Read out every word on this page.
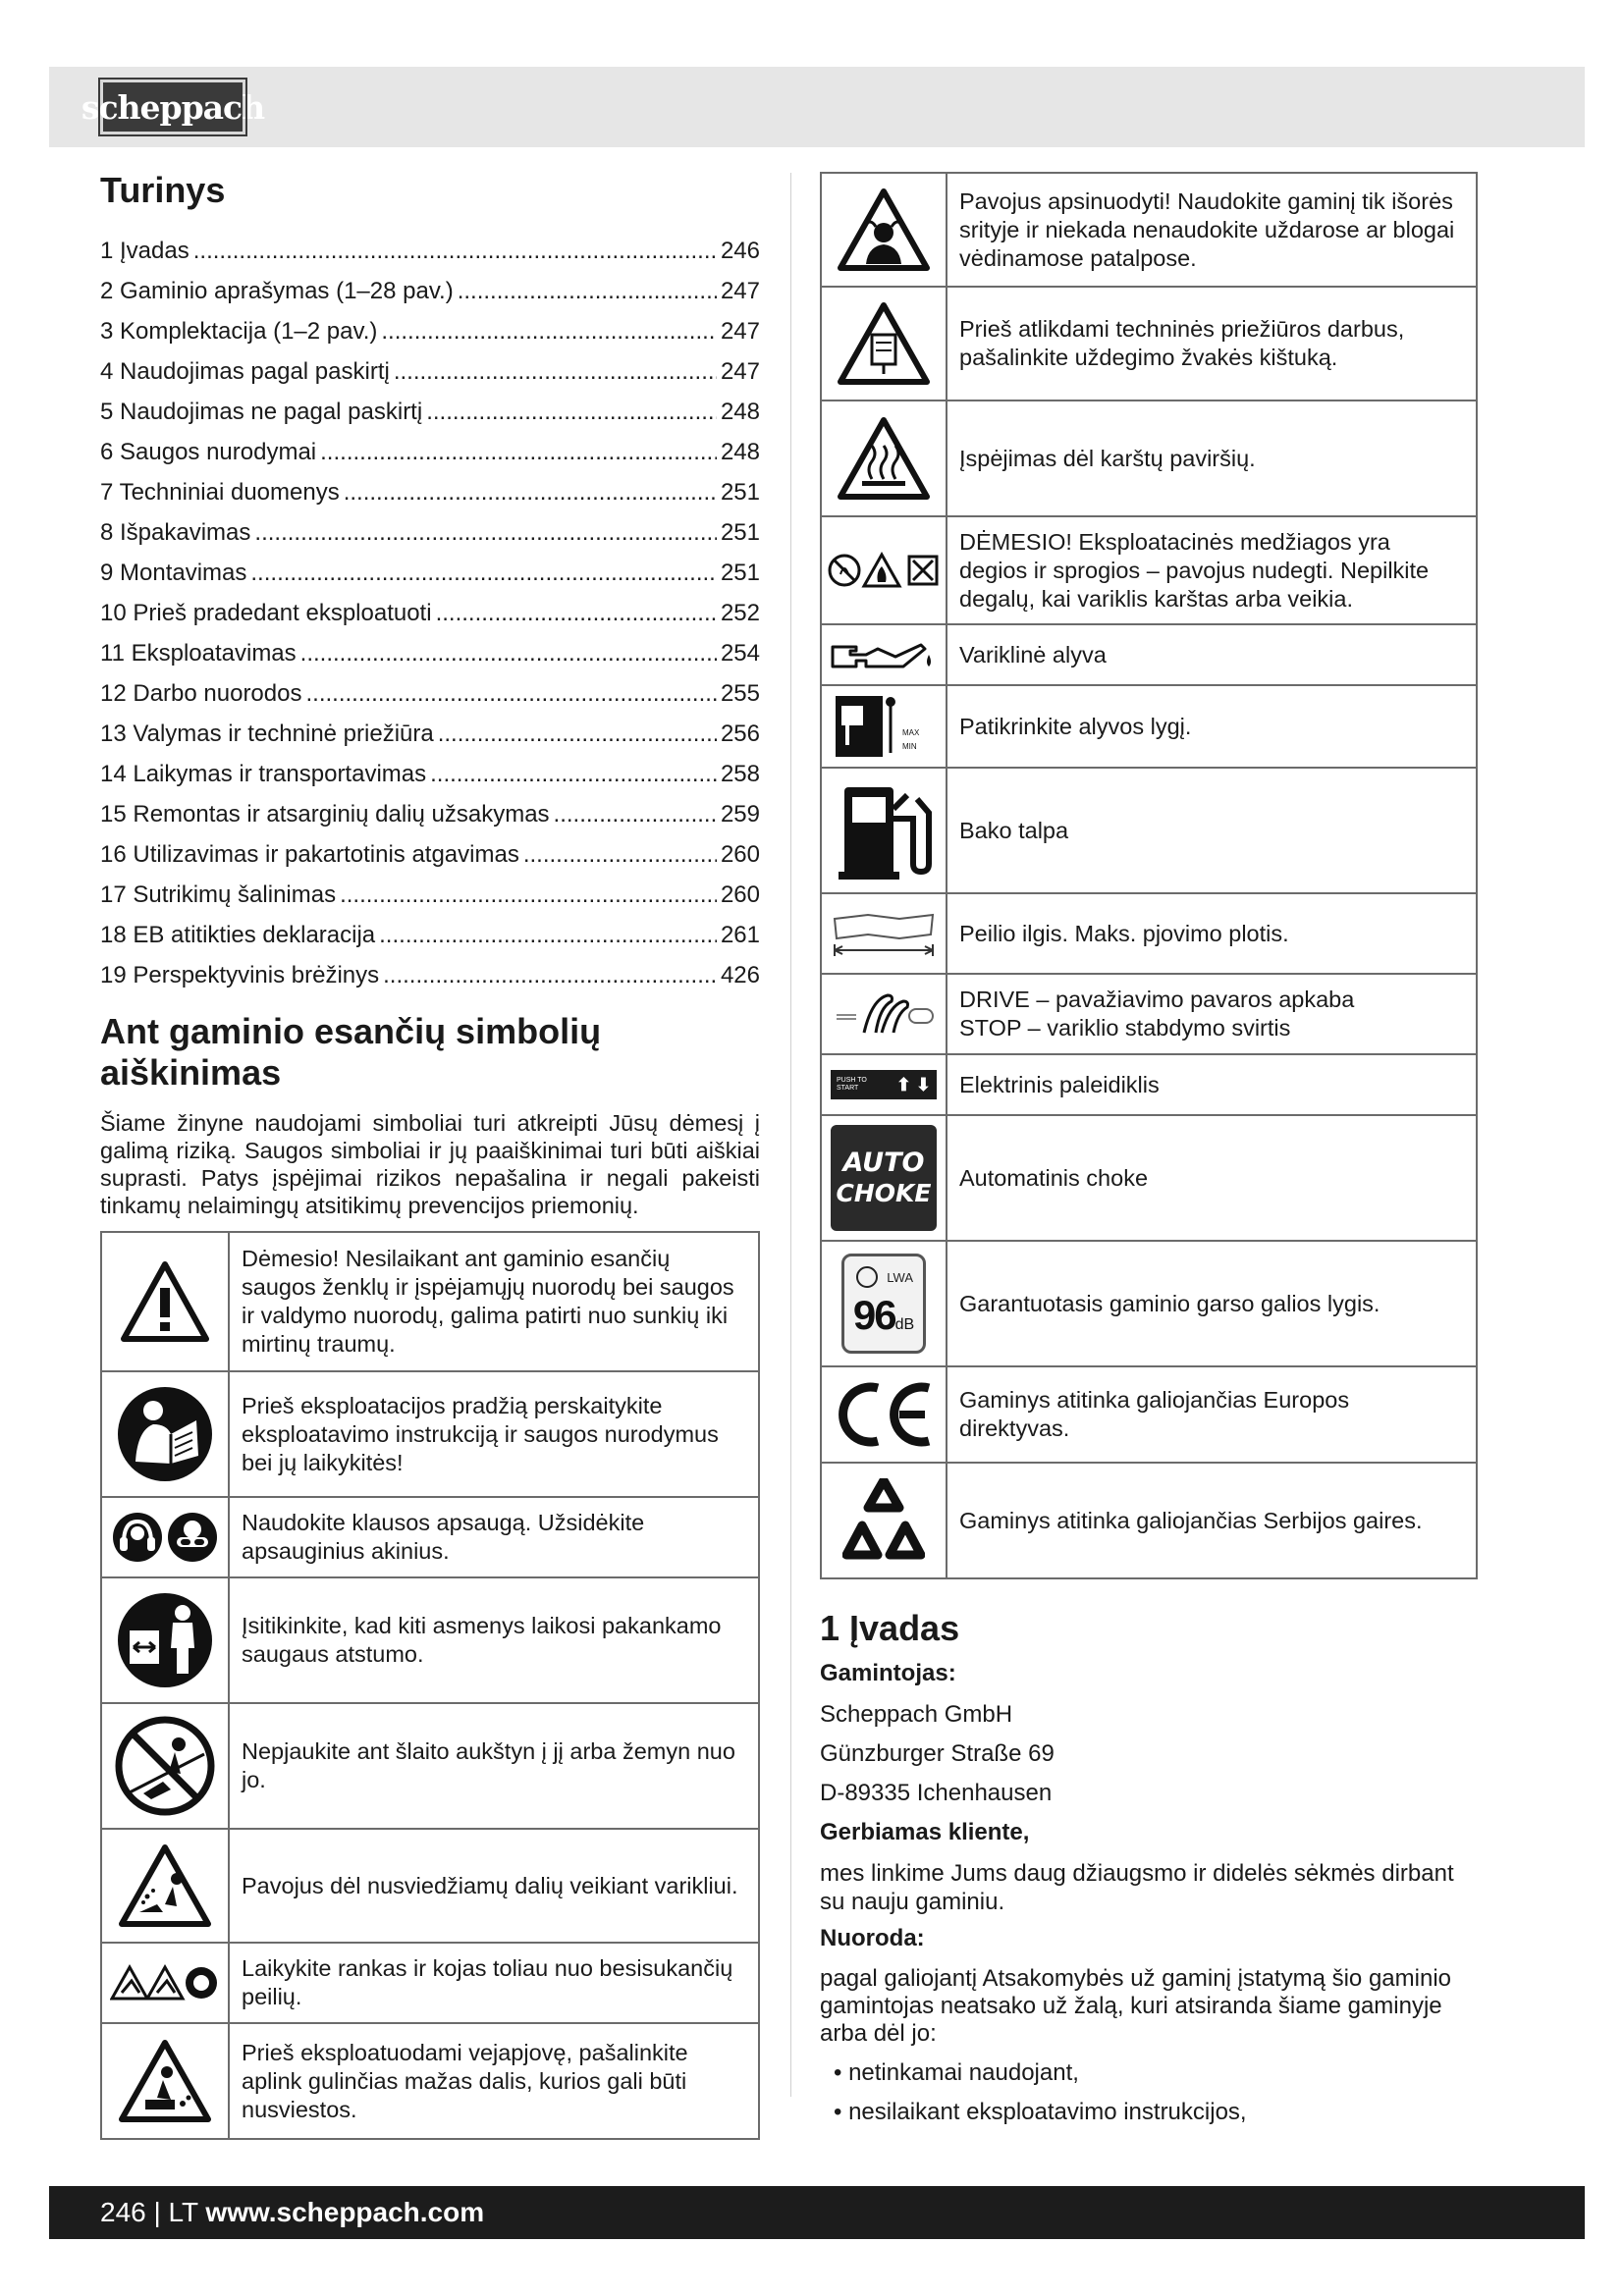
scheppach
Turinys
1 Įvadas .....	246
2 Gaminio aprašymas (1–28 pav.) .....	247
3 Komplektacija (1–2 pav.) .....	247
4 Naudojimas pagal paskirtį .....	247
5 Naudojimas ne pagal paskirtį .....	248
6 Saugos nurodymai .....	248
7 Techniniai duomenys .....	251
8 Išpakavimas .....	251
9 Montavimas .....	251
10 Prieš pradedant eksploatuoti .....	252
11 Eksploatavimas .....	254
12 Darbo nuorodos .....	255
13 Valymas ir techninė priežiūra .....	256
14 Laikymas ir transportavimas .....	258
15 Remontas ir atsarginių dalių užsakymas .....	259
16 Utilizavimas ir pakartotinis atgavimas .....	260
17 Sutrikimų šalinimas .....	260
18 EB atitikties deklaracija .....	261
19 Perspektyvinis brėžinys .....	426
Ant gaminio esančių simbolių aiškinimas
Šiame žinyne naudojami simboliai turi atkreipti Jūsų dėmesį į galimą riziką. Saugos simboliai ir jų paaiškinimai turi būti aiškiai suprasti. Patys įspėjimai rizikos nepašalina ir negali pakeisti tinkamų nelaimingų atsitikimų prevencijos priemonių.
	Dėmesio! Nesilaikant ant gaminio esančių saugos ženklų ir įspėjamųjų nuorodų bei saugos ir valdymo nuorodų, galima patirti nuo sunkių iki mirtinų traumų.

	Prieš eksploatacijos pradžią perskaitykite eksploatavimo instrukciją ir saugos nurodymus bei jų laikykitės!

	Naudokite klausos apsaugą. Užsidėkite apsauginius akinius.

	Įsitikinkite, kad kiti asmenys laikosi pakankamo saugaus atstumo.

	Nepjaukite ant šlaito aukštyn į jį arba žemyn nuo jo.

	Pavojus dėl nusviedžiamų dalių veikiant varikliui.

	Laikykite rankas ir kojas toliau nuo besisukančių peilių.

	Prieš eksploatuodami vejapjovę, pašalinkite aplink gulinčias mažas dalis, kurios gali būti nusviestos.
	Pavojus apsinuodyti! Naudokite gaminį tik išorės srityje ir niekada nenaudokite uždarose ar blogai vėdinamose patalpose.

	Prieš atlikdami techninės priežiūros darbus, pašalinkite uždegimo žvakės kištuką.

	Įspėjimas dėl karštų paviršių.

	DĖMESIO! Eksploatacinės medžiagos yra degios ir sprogios – pavojus nudegti. Nepilkite degalų, kai variklis karštas arba veikia.

	Variklinė alyva

MAX
MIN	Patikrinkite alyvos lygį.

	Bako talpa

	Peilio ilgis. Maks. pjovimo plotis.

	DRIVE – pavažiavimo pavaros apkaba
STOP – variklio stabdymo svirtis

PUSH TO START ⬆ ⬇	Elektrinis paleidiklis

AUTO
CHOKE	Automatinis choke

LWA
96dB	Garantuotasis gaminio garso galios lygis.

	Gaminys atitinka galiojančias Europos direktyvas.

	Gaminys atitinka galiojančias Serbijos gaires.
1 Įvadas
Gamintojas:
Scheppach GmbH
Günzburger Straße 69
D-89335 Ichenhausen
Gerbiamas kliente,
mes linkime Jums daug džiaugsmo ir didelės sėkmės dirbant su nauju gaminiu.
Nuoroda:
pagal galiojantį Atsakomybės už gaminį įstatymą šio gaminio gamintojas neatsako už žalą, kuri atsiranda šiame gaminyje arba dėl jo:
• netinkamai naudojant,
• nesilaikant eksploatavimo instrukcijos,
246 | LT www.scheppach.com
